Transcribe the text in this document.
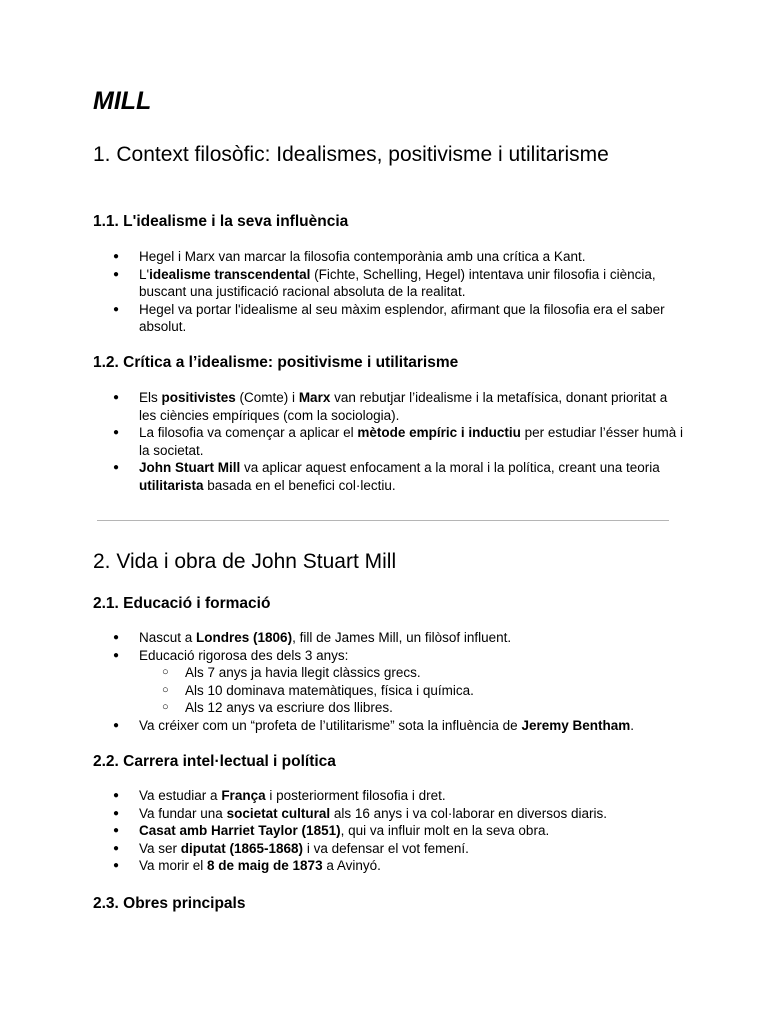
MILL
1. Context filosòfic: Idealismes, positivisme i utilitarisme
1.1. L'idealisme i la seva influència
● Hegel i Marx van marcar la filosofia contemporània amb una crítica a Kant.
● L'idealisme transcendental (Fichte, Schelling, Hegel) intentava unir filosofia i ciència, buscant una justificació racional absoluta de la realitat.
● Hegel va portar l'idealisme al seu màxim esplendor, afirmant que la filosofia era el saber absolut.
1.2. Crítica a l’idealisme: positivisme i utilitarisme
● Els positivistes (Comte) i Marx van rebutjar l’idealisme i la metafísica, donant prioritat a les ciències empíriques (com la sociologia).
● La filosofia va començar a aplicar el mètode empíric i inductiu per estudiar l’ésser humà i la societat.
● John Stuart Mill va aplicar aquest enfocament a la moral i la política, creant una teoria utilitarista basada en el benefici col·lectiu.
2. Vida i obra de John Stuart Mill
2.1. Educació i formació
● Nascut a Londres (1806), fill de James Mill, un filòsof influent.
● Educació rigorosa des dels 3 anys:
○ Als 7 anys ja havia llegit clàssics grecs.
○ Als 10 dominava matemàtiques, física i química.
○ Als 12 anys va escriure dos llibres.
● Va créixer com un “profeta de l’utilitarisme” sota la influència de Jeremy Bentham.
2.2. Carrera intel·lectual i política
● Va estudiar a França i posteriorment filosofia i dret.
● Va fundar una societat cultural als 16 anys i va col·laborar en diversos diaris.
● Casat amb Harriet Taylor (1851), qui va influir molt en la seva obra.
● Va ser diputat (1865-1868) i va defensar el vot femení.
● Va morir el 8 de maig de 1873 a Avinyó.
2.3. Obres principals
